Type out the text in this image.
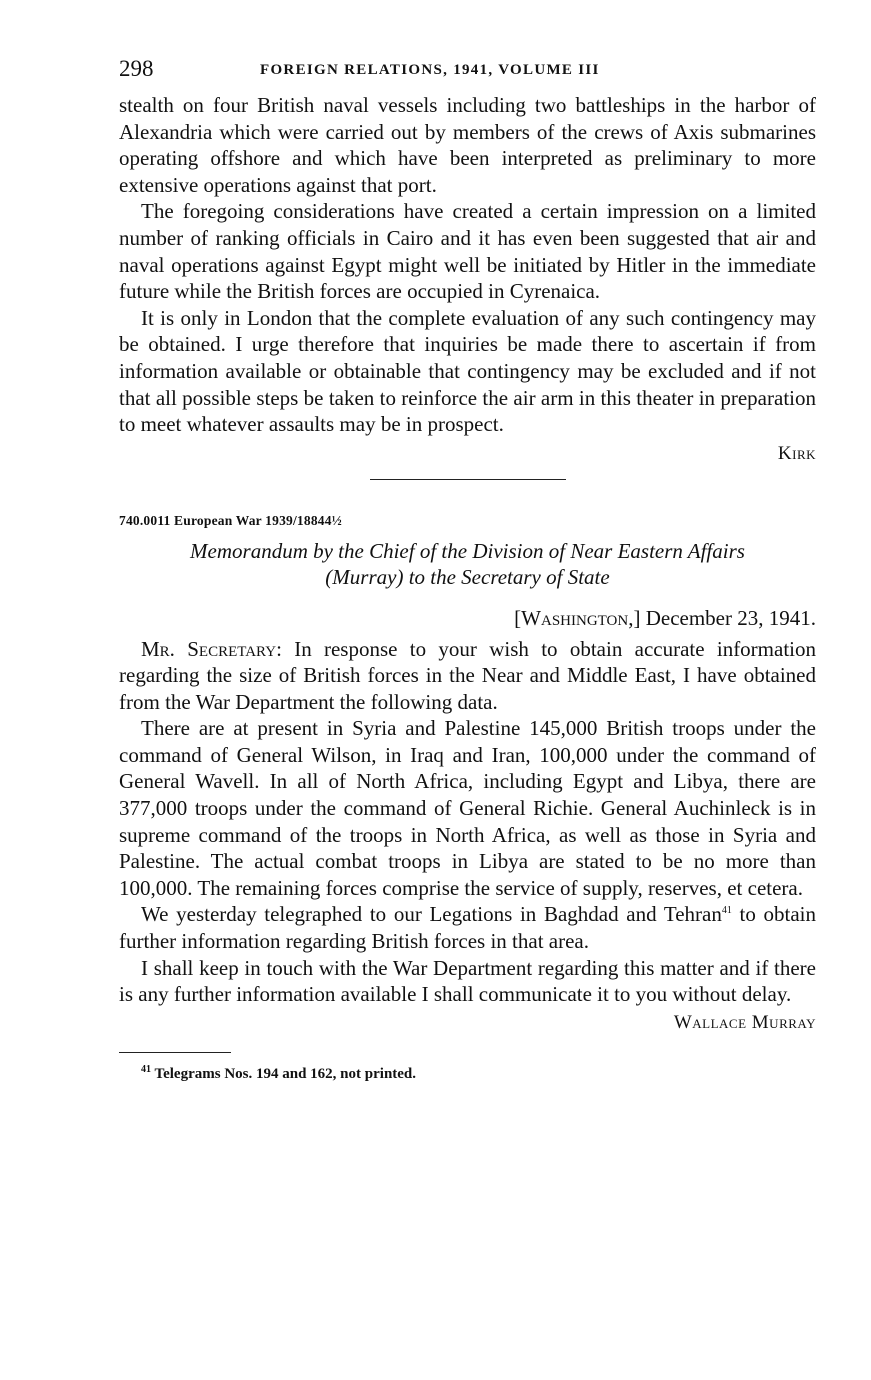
298	FOREIGN RELATIONS, 1941, VOLUME III

stealth on four British naval vessels including two battleships in the harbor of Alexandria which were carried out by members of the crews of Axis submarines operating offshore and which have been interpreted as preliminary to more extensive operations against that port.

The foregoing considerations have created a certain impression on a limited number of ranking officials in Cairo and it has even been suggested that air and naval operations against Egypt might well be initiated by Hitler in the immediate future while the British forces are occupied in Cyrenaica.

It is only in London that the complete evaluation of any such contingency may be obtained. I urge therefore that inquiries be made there to ascertain if from information available or obtainable that contingency may be excluded and if not that all possible steps be taken to reinforce the air arm in this theater in preparation to meet whatever assaults may be in prospect.

Kirk
740.0011 European War 1939/18844½
Memorandum by the Chief of the Division of Near Eastern Affairs
(Murray) to the Secretary of State
[Washington,] December 23, 1941.

Mr. Secretary: In response to your wish to obtain accurate information regarding the size of British forces in the Near and Middle East, I have obtained from the War Department the following data.

There are at present in Syria and Palestine 145,000 British troops under the command of General Wilson, in Iraq and Iran, 100,000 under the command of General Wavell. In all of North Africa, including Egypt and Libya, there are 377,000 troops under the command of General Richie. General Auchinleck is in supreme command of the troops in North Africa, as well as those in Syria and Palestine. The actual combat troops in Libya are stated to be no more than 100,000. The remaining forces comprise the service of supply, reserves, et cetera.

We yesterday telegraphed to our Legations in Baghdad and Tehran$^{41}$ to obtain further information regarding British forces in that area.

I shall keep in touch with the War Department regarding this matter and if there is any further information available I shall communicate it to you without delay.

Wallace Murray
$^{41}$ Telegrams Nos. 194 and 162, not printed.
